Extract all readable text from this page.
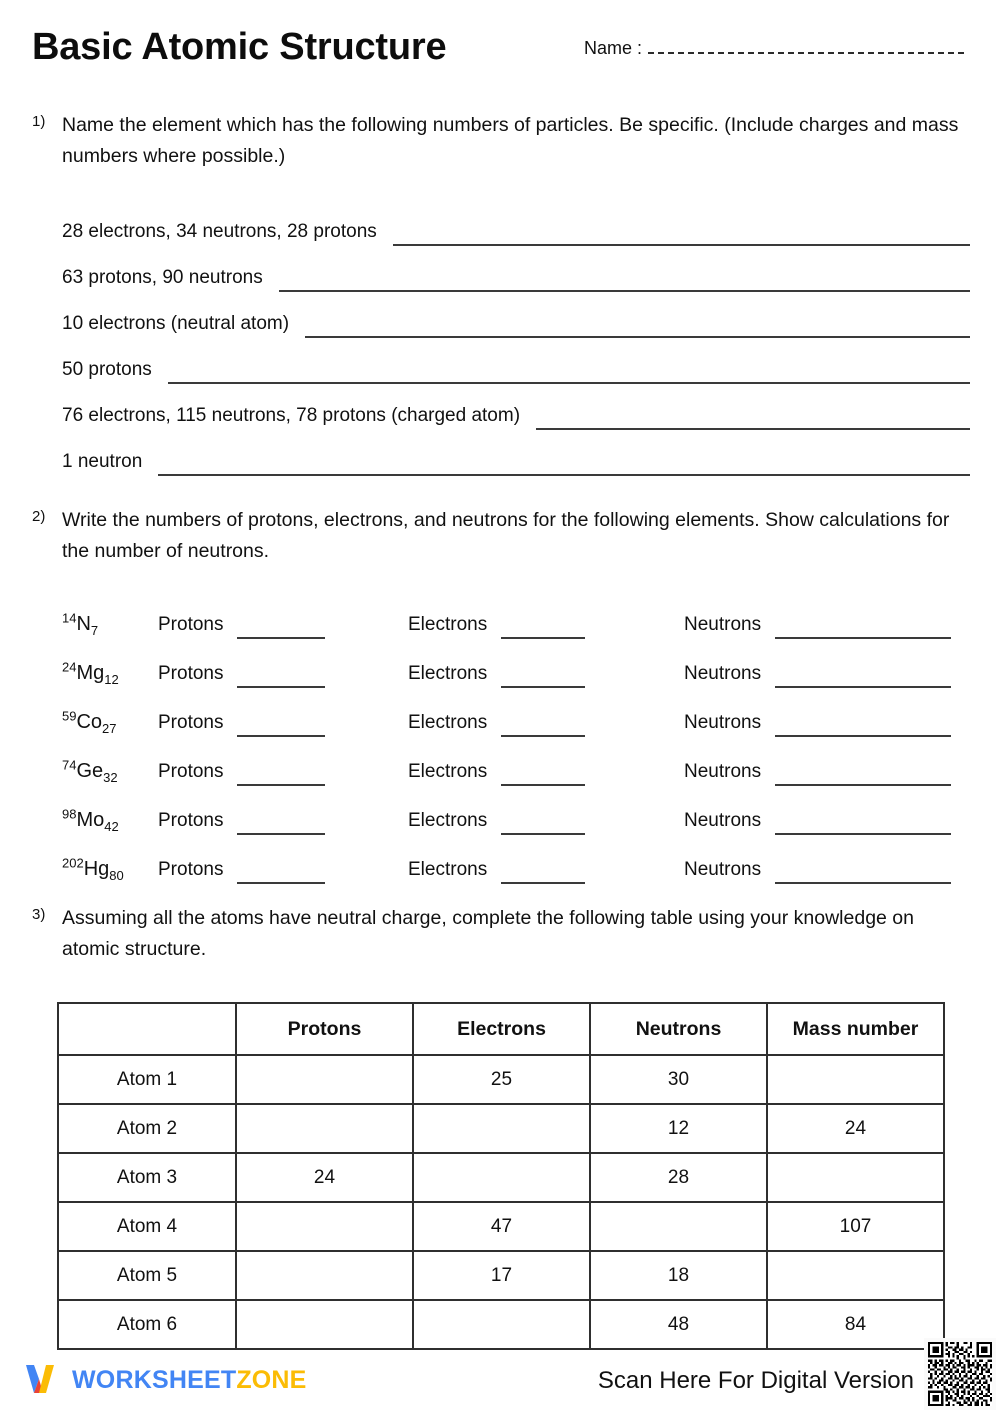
Basic Atomic Structure	Name :
1) Name the element which has the following numbers of particles. Be specific. (Include charges and mass numbers where possible.)
28 electrons, 34 neutrons, 28 protons
63 protons, 90 neutrons
10 electrons (neutral atom)
50 protons
76 electrons, 115 neutrons, 78 protons (charged atom)
1 neutron
2) Write the numbers of protons, electrons, and neutrons for the following elements. Show calculations for the number of neutrons.
$^{14}N_7$	Protons	Electrons	Neutrons
$^{24}Mg_{12}$	Protons	Electrons	Neutrons
$^{59}Co_{27}$	Protons	Electrons	Neutrons
$^{74}Ge_{32}$	Protons	Electrons	Neutrons
$^{98}Mo_{42}$	Protons	Electrons	Neutrons
$^{202}Hg_{80}$	Protons	Electrons	Neutrons
3) Assuming all the atoms have neutral charge, complete the following table using your knowledge on atomic structure.
	Protons	Electrons	Neutrons	Mass number
Atom 1		25	30	
Atom 2			12	24
Atom 3	24		28	
Atom 4		47		107
Atom 5		17	18	
Atom 6			48	84
WORKSHEETZONE	Scan Here For Digital Version
